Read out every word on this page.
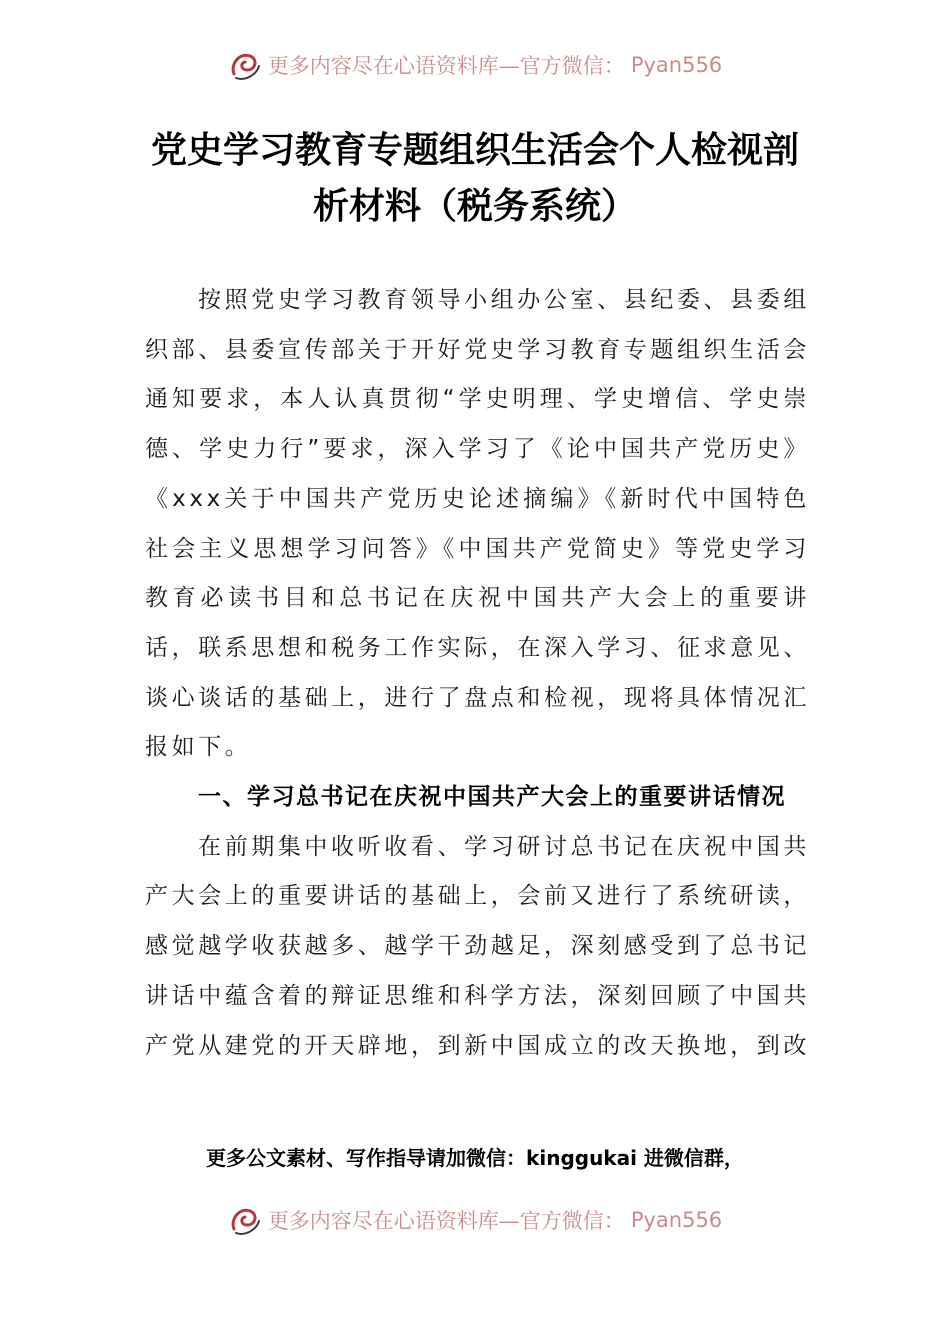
更多内容尽在心语资料库—官方微信： Pyan556
党史学习教育专题组织生活会个人检视剖析材料（税务系统）

按照党史学习教育领导小组办公室、县纪委、县委组织部、县委宣传部关于开好党史学习教育专题组织生活会通知要求，本人认真贯彻“学史明理、学史增信、学史崇德、学史力行”要求，深入学习了《论中国共产党历史》《xxx关于中国共产党历史论述摘编》《新时代中国特色社会主义思想学习问答》《中国共产党简史》等党史学习教育必读书目和总书记在庆祝中国共产大会上的重要讲话，联系思想和税务工作实际，在深入学习、征求意见、谈心谈话的基础上，进行了盘点和检视，现将具体情况汇报如下。

一、学习总书记在庆祝中国共产大会上的重要讲话情况

在前期集中收听收看、学习研讨总书记在庆祝中国共产大会上的重要讲话的基础上，会前又进行了系统研读，感觉越学收获越多、越学干劲越足，深刻感受到了总书记讲话中蕴含着的辩证思维和科学方法，深刻回顾了中国共产党从建党的开天辟地，到新中国成立的改天换地，到改

更多公文素材、写作指导请加微信：kinggukai 进微信群，
更多内容尽在心语资料库—官方微信： Pyan556
